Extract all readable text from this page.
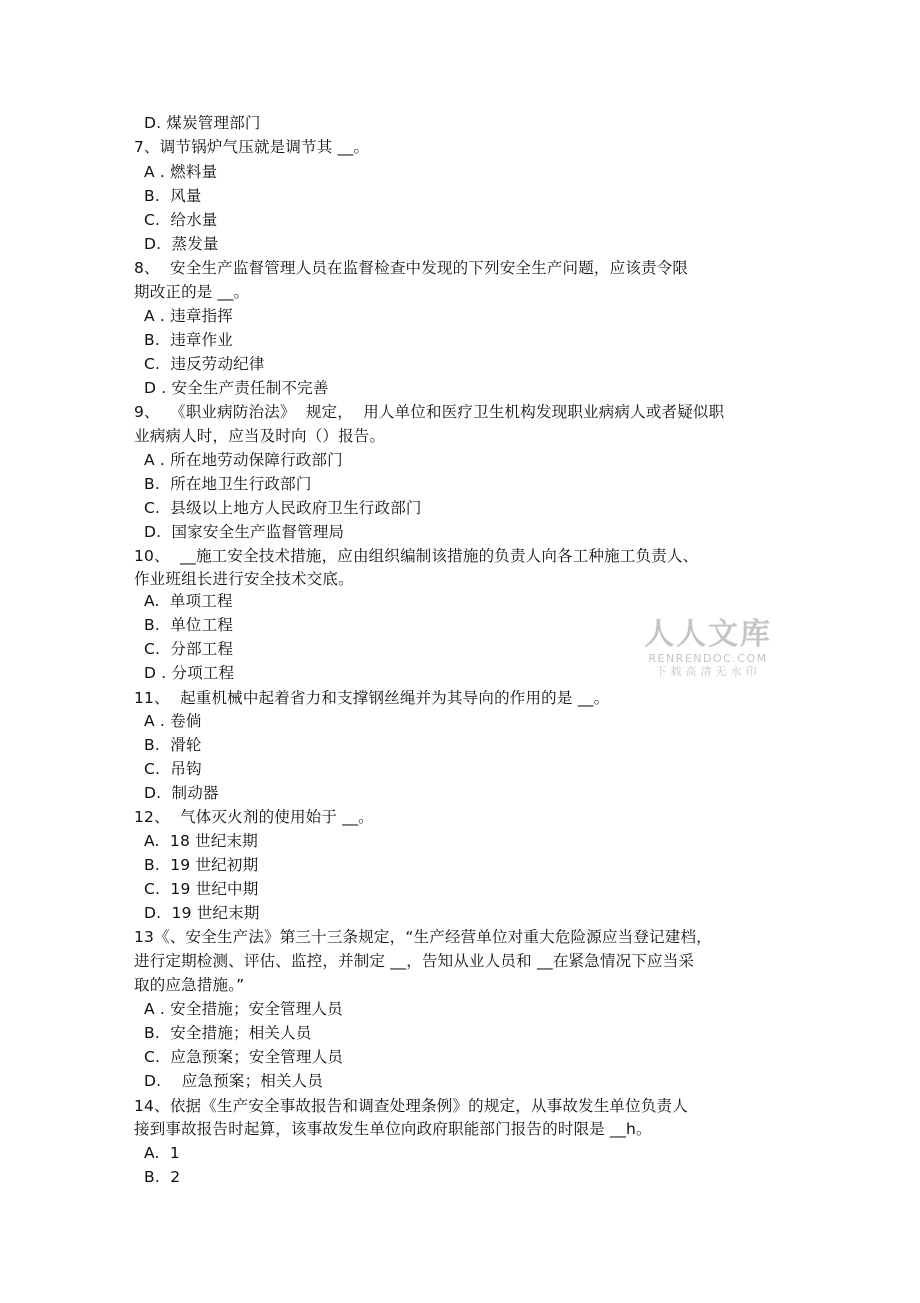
D. 煤炭管理部门
7、调节锅炉气压就是调节其 __。
A . 燃料量
B.  风量
C.  给水量
D.  蒸发量
8、  安全生产监督管理人员在监督检查中发现的下列安全生产问题，应该责令限
期改正的是 __。
A . 违章指挥
B.  违章作业
C.  违反劳动纪律
D . 安全生产责任制不完善
9、  《职业病防治法》  规定，  用人单位和医疗卫生机构发现职业病病人或者疑似职
业病病人时，应当及时向（）报告。
A . 所在地劳动保障行政部门
B.  所在地卫生行政部门
C.  县级以上地方人民政府卫生行政部门
D.  国家安全生产监督管理局
10、  __施工安全技术措施，应由组织编制该措施的负责人向各工种施工负责人、
作业班组长进行安全技术交底。
A.  单项工程
B.  单位工程
C.  分部工程
D . 分项工程
11、  起重机械中起着省力和支撑钢丝绳并为其导向的作用的是 __。
A . 卷倘
B.  滑轮
C.  吊钩
D.  制动器
12、  气体灭火剂的使用始于 __。
A.  18 世纪末期
B.  19 世纪初期
C.  19 世纪中期
D.  19 世纪末期
13《、安全生产法》第三十三条规定，“生产经营单位对重大危险源应当登记建档，
进行定期检测、评估、监控，并制定 __，告知从业人员和 __在紧急情况下应当采
取的应急措施。”
A . 安全措施；安全管理人员
B.  安全措施；相关人员
C.  应急预案；安全管理人员
D.    应急预案；相关人员
14、依据《生产安全事故报告和调查处理条例》的规定，从事故发生单位负责人
接到事故报告时起算，该事故发生单位向政府职能部门报告的时限是 __h。
A.  1
B.  2
人人文库
RENRENDOC.COM
下载高清无水印
